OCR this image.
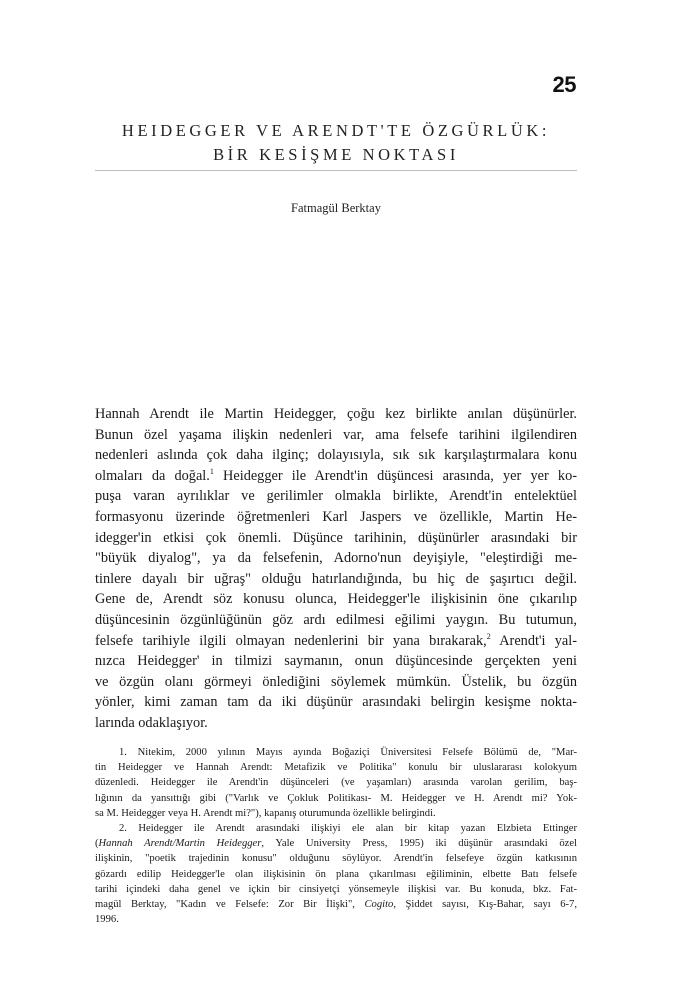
25
HEIDEGGER VE ARENDT'TE ÖZGÜRLÜK:
BİR KESİŞME NOKTASI
Fatmagül Berktay
Hannah Arendt ile Martin Heidegger, çoğu kez birlikte anılan düşünürler.
Bunun özel yaşama ilişkin nedenleri var, ama felsefe tarihini ilgilendiren
nedenleri aslında çok daha ilginç; dolayısıyla, sık sık karşılaştırmalara konu
olmaları da doğal.$^1$ Heidegger ile Arendt'in düşüncesi arasında, yer yer ko-
puşa varan ayrılıklar ve gerilimler olmakla birlikte, Arendt'in entelektüel
formasyonu üzerinde öğretmenleri Karl Jaspers ve özellikle, Martin He-
idegger'in etkisi çok önemli. Düşünce tarihinin, düşünürler arasındaki bir
"büyük diyalog", ya da felsefenin, Adorno'nun deyişiyle, "eleştirdiği me-
tinlere dayalı bir uğraş" olduğu hatırlandığında, bu hiç de şaşırtıcı değil.
Gene de, Arendt söz konusu olunca, Heidegger'le ilişkisinin öne çıkarılıp
düşüncesinin özgünlüğünün göz ardı edilmesi eğilimi yaygın. Bu tutumun,
felsefe tarihiyle ilgili olmayan nedenlerini bir yana bırakarak,$^2$ Arendt'i yal-
nızca Heidegger' in tilmizi saymanın, onun düşüncesinde gerçekten yeni
ve özgün olanı görmeyi önlediğini söylemek mümkün. Üstelik, bu özgün
yönler, kimi zaman tam da iki düşünür arasındaki belirgin kesişme nokta-
larında odaklaşıyor.
1. Nitekim, 2000 yılının Mayıs ayında Boğaziçi Üniversitesi Felsefe Bölümü de, "Mar-
tin Heidegger ve Hannah Arendt: Metafizik ve Politika" konulu bir uluslararası kolokyum
düzenledi. Heidegger ile Arendt'in düşünceleri (ve yaşamları) arasında varolan gerilim, baş-
lığının da yansıttığı gibi ("Varlık ve Çokluk Politikası- M. Heidegger ve H. Arendt mi? Yok-
sa M. Heidegger veya H. Arendt mi?"), kapanış oturumunda özellikle belirgindi.
2. Heidegger ile Arendt arasındaki ilişkiyi ele alan bir kitap yazan Elzbieta Ettinger
(Hannah Arendt/Martin Heidegger, Yale University Press, 1995) iki düşünür arasındaki özel
ilişkinin, "poetik trajedinin konusu" olduğunu söylüyor. Arendt'in felsefeye özgün katkısının
gözardı edilip Heidegger'le olan ilişkisinin ön plana çıkarılması eğiliminin, elbette Batı felsefe
tarihi içindeki daha genel ve içkin bir cinsiyetçi yönsemeyle ilişkisi var. Bu konuda, bkz. Fat-
magül Berktay, "Kadın ve Felsefe: Zor Bir İlişki", Cogito, Şiddet sayısı, Kış-Bahar, sayı 6-7,
1996.
